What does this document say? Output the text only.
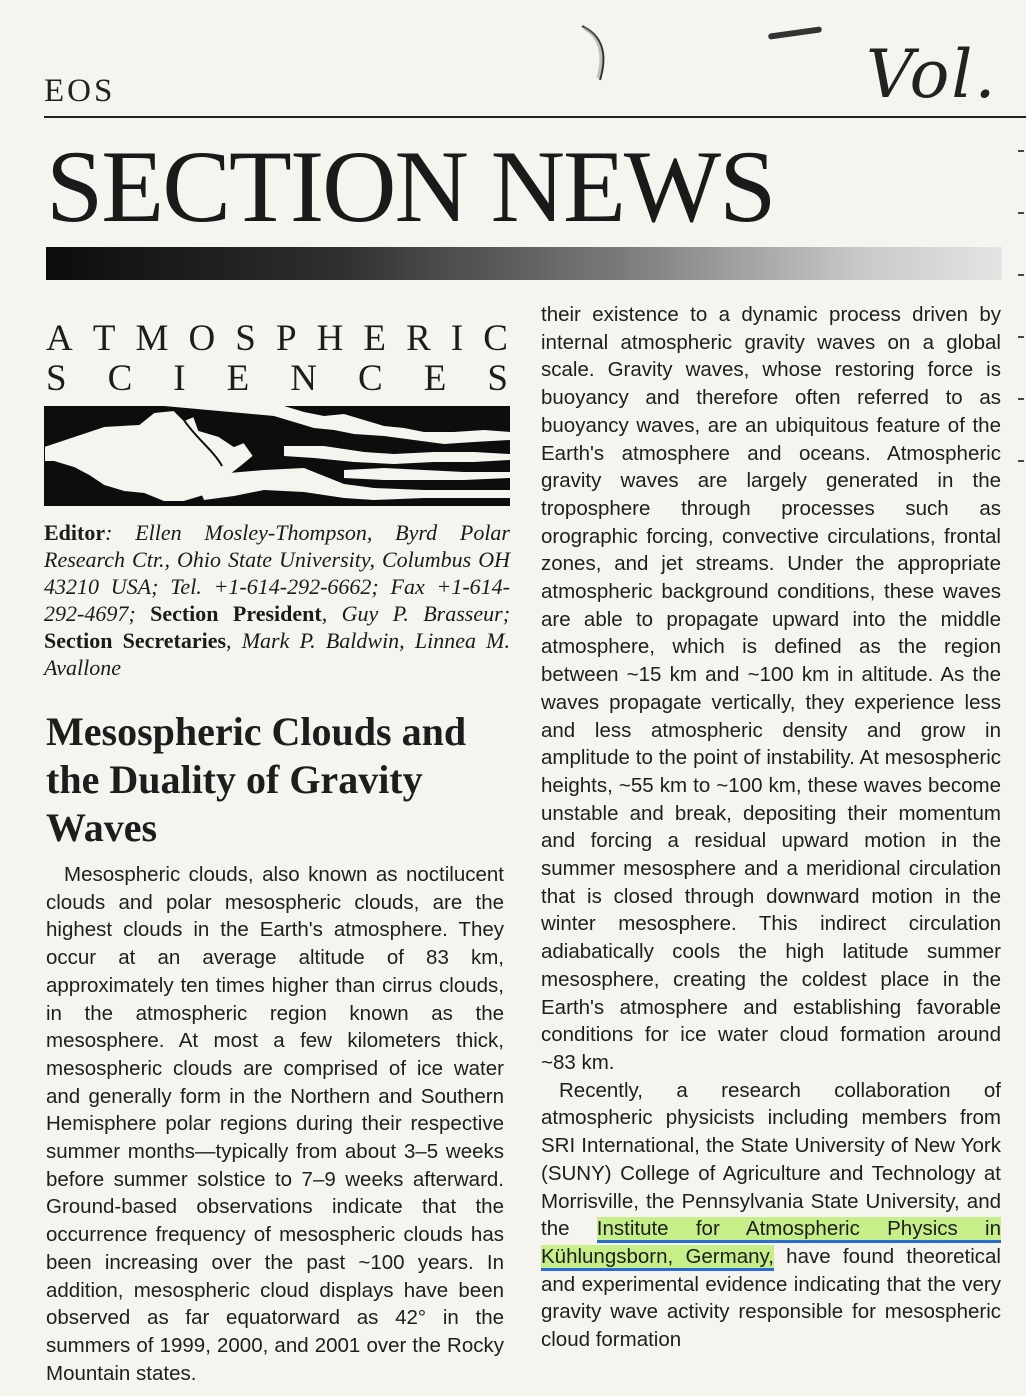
Vol.
EOS
SECTION NEWS
A T M O S P H E R I C
S C I E N C E S
Editor: Ellen Mosley-Thompson, Byrd Polar Research Ctr., Ohio State University, Columbus OH 43210 USA; Tel. +1-614-292-6662; Fax +1-614-292-4697; Section President, Guy P. Brasseur; Section Secretaries, Mark P. Baldwin, Linnea M. Avallone
Mesospheric Clouds and the Duality of Gravity Waves

Mesospheric clouds, also known as noctilucent clouds and polar mesospheric clouds, are the highest clouds in the Earth's atmosphere. They occur at an average altitude of 83 km, approximately ten times higher than cirrus clouds, in the atmospheric region known as the mesosphere. At most a few kilometers thick, mesospheric clouds are comprised of ice water and generally form in the Northern and Southern Hemisphere polar regions during their respective summer months—typically from about 3–5 weeks before summer solstice to 7–9 weeks afterward. Ground-based observations indicate that the occurrence frequency of mesospheric clouds has been increasing over the past ~100 years. In addition, mesospheric cloud displays have been observed as far equatorward as 42° in the summers of 1999, 2000, and 2001 over the Rocky Mountain states.

their existence to a dynamic process driven by internal atmospheric gravity waves on a global scale. Gravity waves, whose restoring force is buoyancy and therefore often referred to as buoyancy waves, are an ubiquitous feature of the Earth's atmosphere and oceans. Atmospheric gravity waves are largely generated in the troposphere through processes such as orographic forcing, convective circulations, frontal zones, and jet streams. Under the appropriate atmospheric background conditions, these waves are able to propagate upward into the middle atmosphere, which is defined as the region between ~15 km and ~100 km in altitude. As the waves propagate vertically, they experience less and less atmospheric density and grow in amplitude to the point of instability. At mesospheric heights, ~55 km to ~100 km, these waves become unstable and break, depositing their momentum and forcing a residual upward motion in the summer mesosphere and a meridional circulation that is closed through downward motion in the winter mesosphere. This indirect circulation adiabatically cools the high latitude summer mesosphere, creating the coldest place in the Earth's atmosphere and establishing favorable conditions for ice water cloud formation around ~83 km.

Recently, a research collaboration of atmospheric physicists including members from SRI International, the State University of New York (SUNY) College of Agriculture and Technology at Morrisville, the Pennsylvania State University, and the Institute for Atmospheric Physics in Kühlungsborn, Germany, have found theoretical and experimental evidence indicating that the very gravity wave activity responsible for mesospheric cloud formation
